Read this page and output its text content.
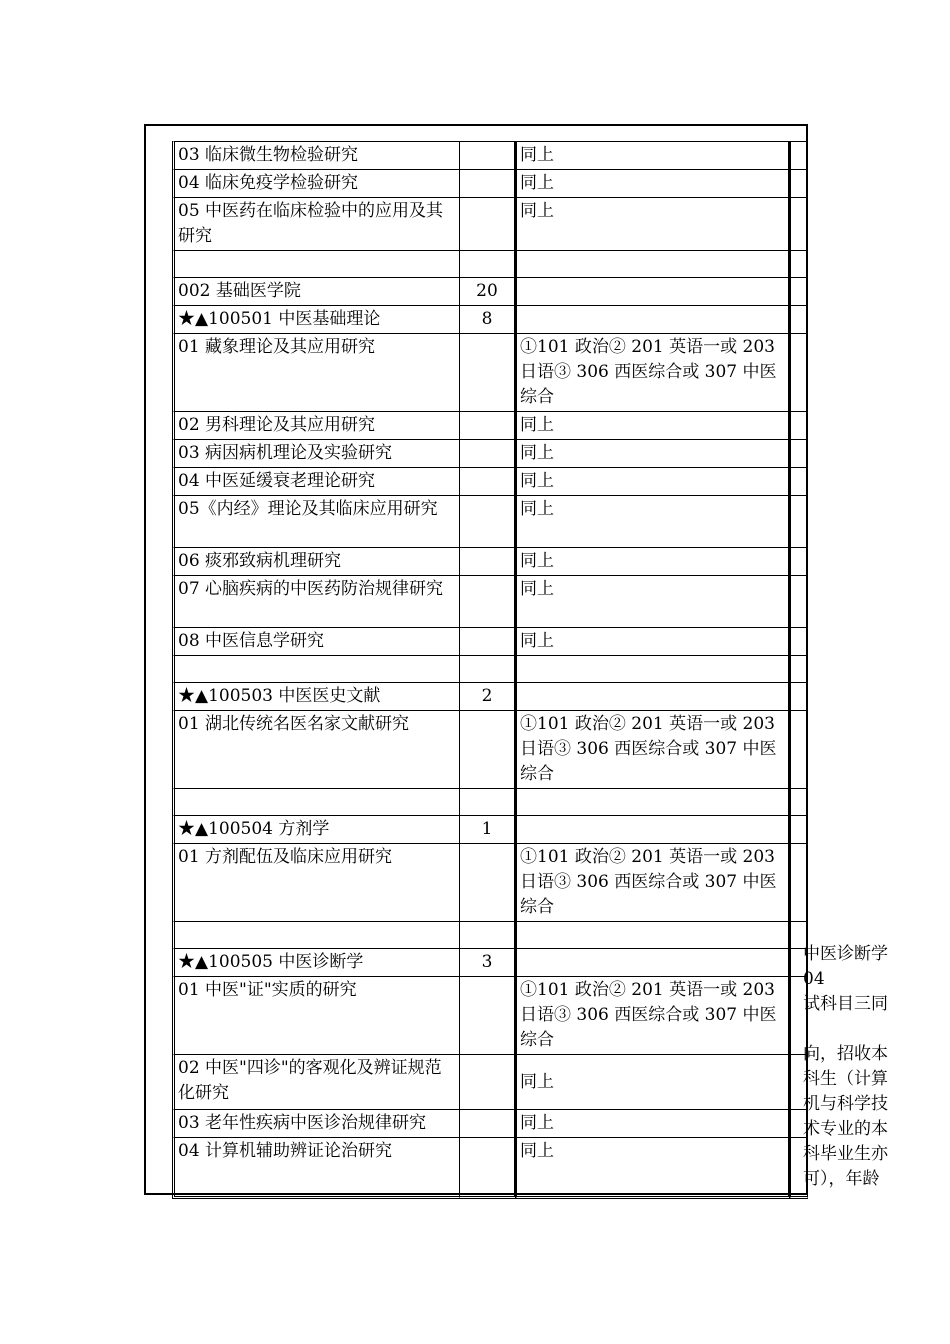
03 临床微生物检验研究		同上	
04 临床免疫学检验研究		同上	
05 中医药在临床检验中的应用及其研究		同上	

002 基础医学院	20		
★▲100501 中医基础理论	8		
01 藏象理论及其应用研究		①101 政治② 201 英语一或 203 日语③ 306 西医综合或 307 中医综合	
02 男科理论及其应用研究		同上	
03 病因病机理论及实验研究		同上	
04 中医延缓衰老理论研究		同上	
05《内经》理论及其临床应用研究		同上	
06 痰邪致病机理研究		同上	
07 心脑疾病的中医药防治规律研究		同上	
08 中医信息学研究		同上	

★▲100503 中医医史文献	2		
01 湖北传统名医名家文献研究		①101 政治② 201 英语一或 203 日语③ 306 西医综合或 307 中医综合	

★▲100504 方剂学	1		
01 方剂配伍及临床应用研究		①101 政治② 201 英语一或 203 日语③ 306 西医综合或 307 中医综合	

★▲100505 中医诊断学	3		
01 中医"证"实质的研究		①101 政治② 201 英语一或 203 日语③ 306 西医综合或 307 中医综合	
02 中医"四诊"的客观化及辨证规范化研究		同上	
03 老年性疾病中医诊治规律研究		同上	
04 计算机辅助辨证论治研究		同上	
中医诊断学
04
试科目三同

向，招收本
科生（计算
机与科学技
术专业的本
科毕业生亦
可），年龄
